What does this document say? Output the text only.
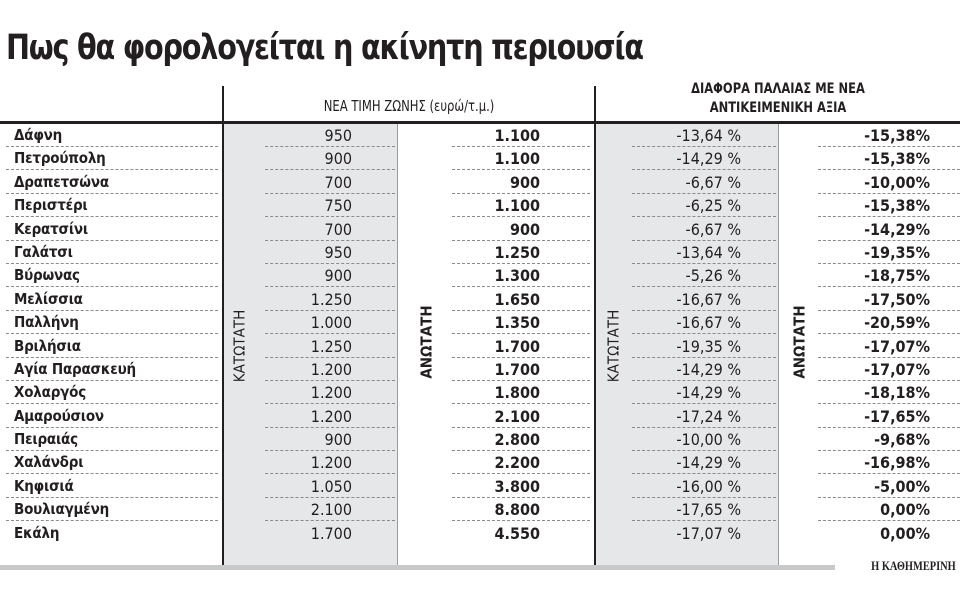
Πως θα φορολογείται η ακίνητη περιουσία
ΝΕΑ ΤΙΜΗ ΖΩΝΗΣ (ευρώ/τ.μ.)
ΔΙΑΦΟΡΑ ΠΑΛΑΙΑΣ ΜΕ ΝΕΑ
ΑΝΤΙΚΕΙΜΕΝΙΚΗ ΑΞΙΑ
ΚΑΤΩΤΑΤΗ	ΑΝΩΤΑΤΗ	ΚΑΤΩΤΑΤΗ	ΑΝΩΤΑΤΗ
Δάφνη	950	1.100	-13,64 %	-15,38%
Πετρούπολη	900	1.100	-14,29 %	-15,38%
Δραπετσώνα	700	900	-6,67 %	-10,00%
Περιστέρι	750	1.100	-6,25 %	-15,38%
Κερατσίνι	700	900	-6,67 %	-14,29%
Γαλάτσι	950	1.250	-13,64 %	-19,35%
Βύρωνας	900	1.300	-5,26 %	-18,75%
Μελίσσια	1.250	1.650	-16,67 %	-17,50%
Παλλήνη	1.000	1.350	-16,67 %	-20,59%
Βριλήσια	1.250	1.700	-19,35 %	-17,07%
Αγία Παρασκευή	1.200	1.700	-14,29 %	-17,07%
Χολαργός	1.200	1.800	-14,29 %	-18,18%
Αμαρούσιον	1.200	2.100	-17,24 %	-17,65%
Πειραιάς	900	2.800	-10,00 %	-9,68%
Χαλάνδρι	1.200	2.200	-14,29 %	-16,98%
Κηφισιά	1.050	3.800	-16,00 %	-5,00%
Βουλιαγμένη	2.100	8.800	-17,65 %	0,00%
Εκάλη	1.700	4.550	-17,07 %	0,00%
Η ΚΑΘΗΜΕΡΙΝΗ
